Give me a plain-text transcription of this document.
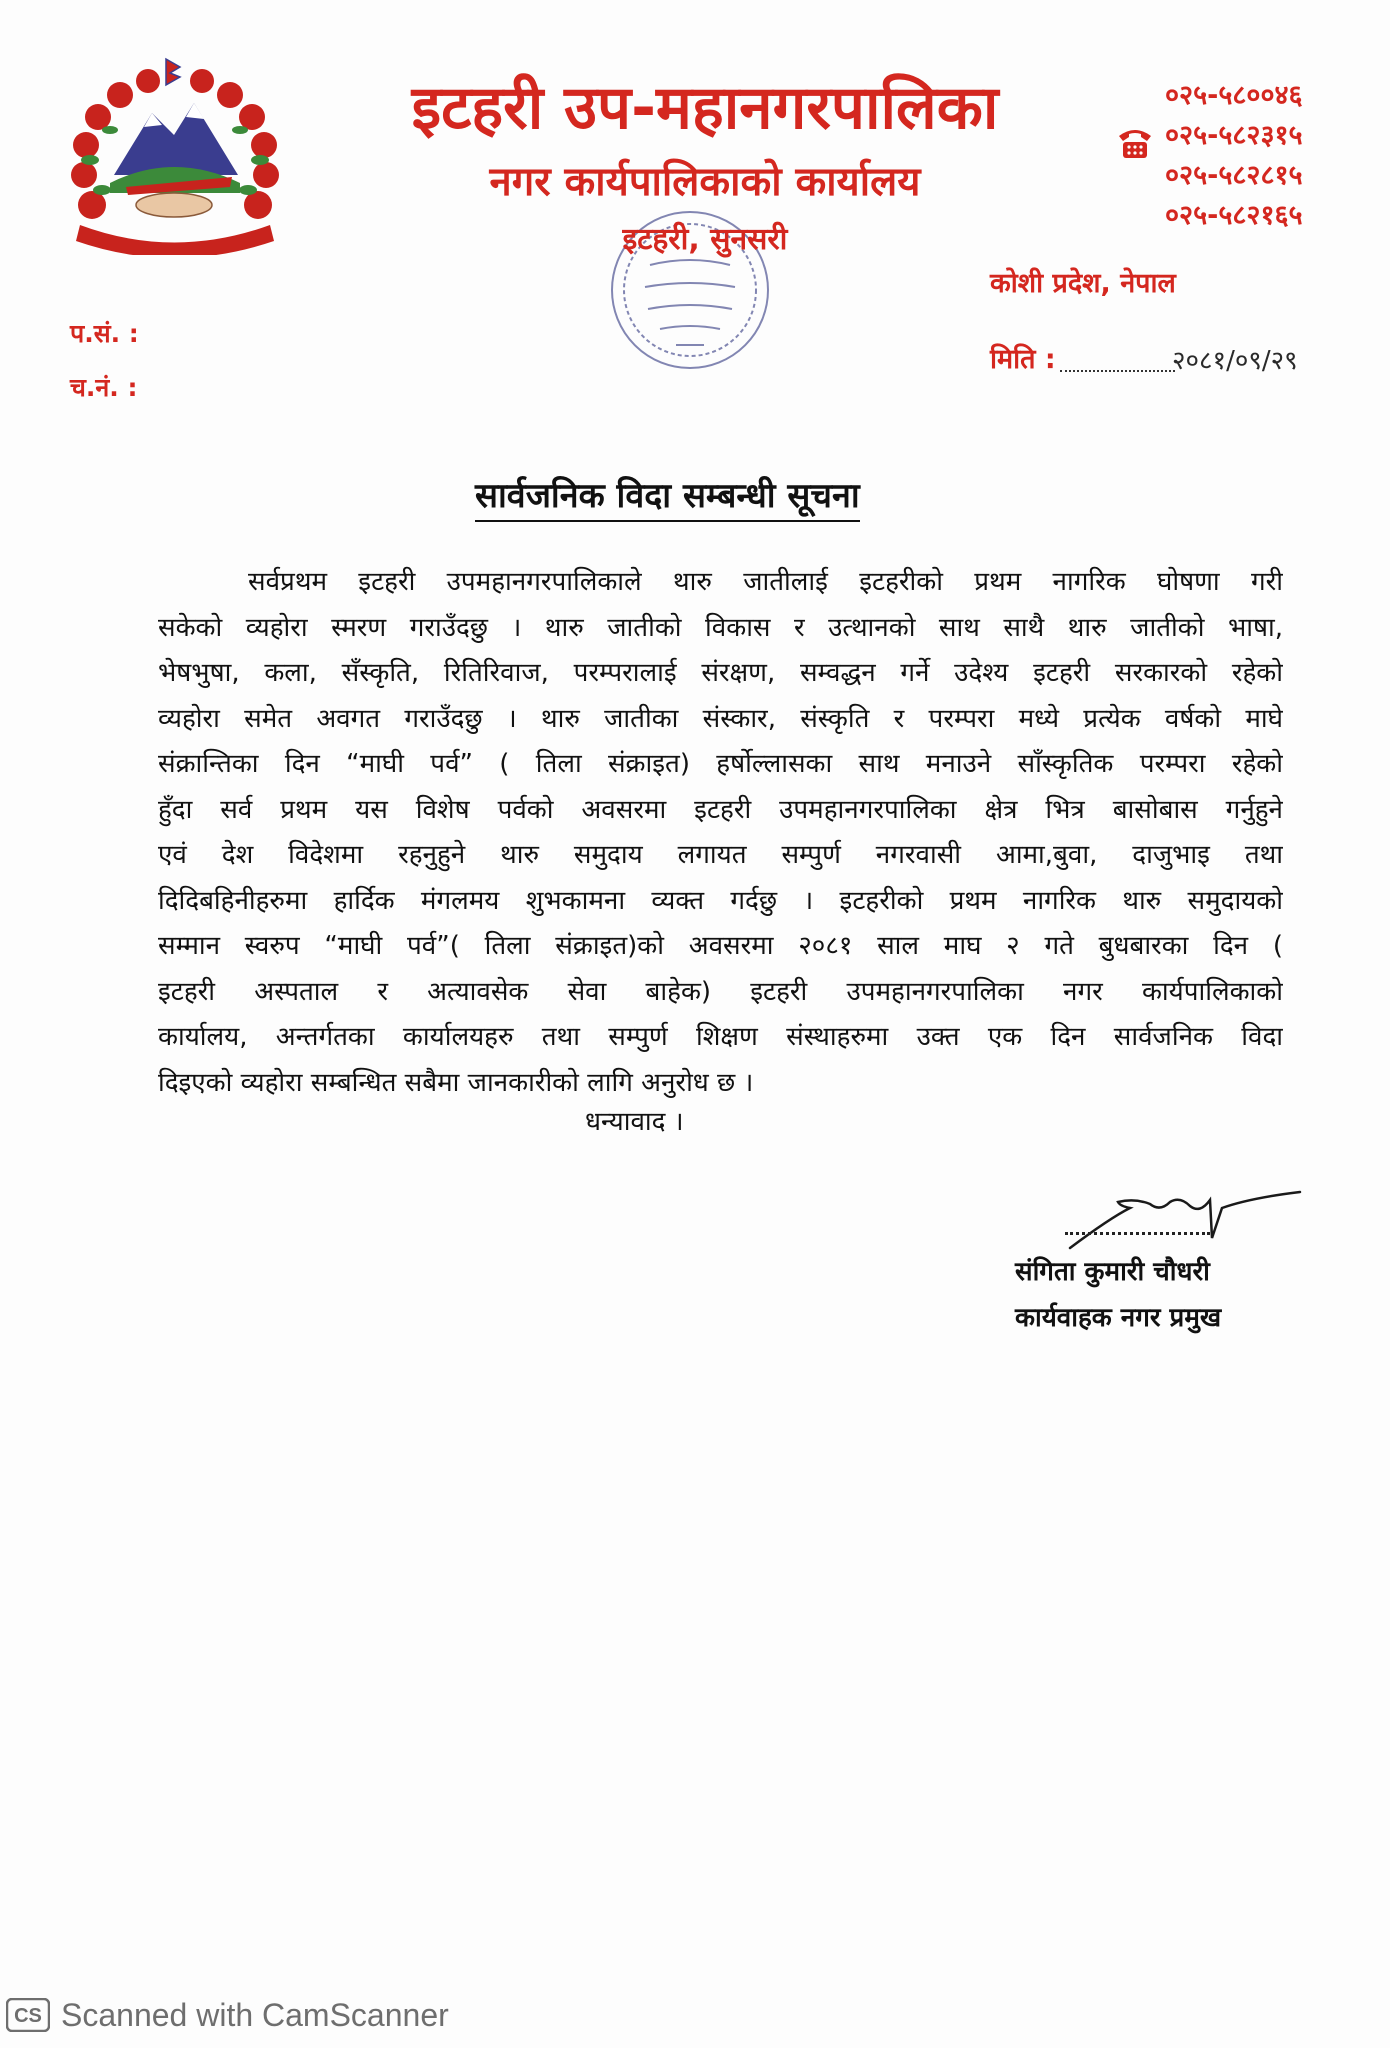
इटहरी उप-महानगरपालिका
नगर कार्यपालिकाको कार्यालय
इटहरी, सुनसरी
०२५-५८००४६
०२५-५८२३१५
०२५-५८२८१५
०२५-५८२१६५
कोशी प्रदेश, नेपाल
प.सं. :
च.नं. :
मिति :	२०८१/०९/२९
सार्वजनिक विदा सम्बन्धी सूचना
सर्वप्रथम इटहरी उपमहानगरपालिकाले थारु जातीलाई इटहरीको प्रथम नागरिक घोषणा गरी
सकेको व्यहोरा स्मरण गराउँदछु । थारु जातीको विकास र उत्थानको साथ साथै थारु जातीको भाषा,
भेषभुषा, कला, सँस्कृति, रितिरिवाज, परम्परालाई संरक्षण, सम्वद्धन गर्ने उदेश्य इटहरी सरकारको रहेको
व्यहोरा समेत अवगत गराउँदछु । थारु जातीका संस्कार, संस्कृति र परम्परा मध्ये प्रत्येक वर्षको माघे
संक्रान्तिका दिन “माघी पर्व” ( तिला संक्राइत) हर्षोल्लासका साथ मनाउने साँस्कृतिक परम्परा रहेको
हुँदा सर्व प्रथम यस विशेष पर्वको अवसरमा इटहरी उपमहानगरपालिका क्षेत्र भित्र बासोबास गर्नुहुने
एवं देश विदेशमा रहनुहुने थारु समुदाय लगायत सम्पुर्ण नगरवासी आमा,बुवा, दाजुभाइ तथा
दिदिबहिनीहरुमा हार्दिक मंगलमय शुभकामना व्यक्त गर्दछु । इटहरीको प्रथम नागरिक थारु समुदायको
सम्मान स्वरुप “माघी पर्व”( तिला संक्राइत)को अवसरमा २०८१ साल माघ २ गते बुधबारका दिन (
इटहरी अस्पताल र अत्यावसेक सेवा बाहेक) इटहरी उपमहानगरपालिका नगर कार्यपालिकाको
कार्यालय, अन्तर्गतका कार्यालयहरु तथा सम्पुर्ण शिक्षण संस्थाहरुमा उक्त एक दिन सार्वजनिक विदा
दिइएको व्यहोरा सम्बन्धित सबैमा जानकारीको लागि अनुरोध छ ।
धन्यावाद ।
संगिता कुमारी चौधरी
कार्यवाहक नगर प्रमुख
CS Scanned with CamScanner
